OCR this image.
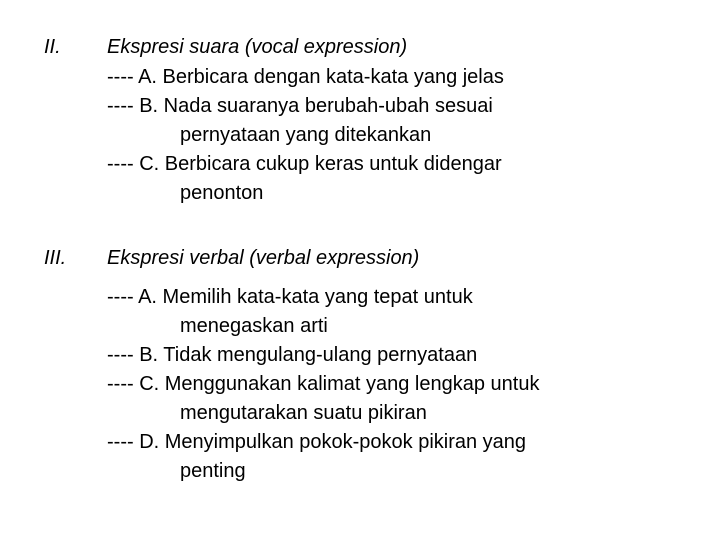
II. Ekspresi suara (vocal expression)
---- A. Berbicara dengan kata-kata yang jelas
---- B. Nada suaranya berubah-ubah sesuai
pernyataan yang ditekankan
---- C. Berbicara cukup keras untuk didengar
penonton
III. Ekspresi verbal (verbal expression)
---- A. Memilih kata-kata yang tepat untuk
menegaskan arti
---- B. Tidak mengulang-ulang pernyataan
---- C. Menggunakan kalimat yang lengkap untuk
mengutarakan suatu pikiran
---- D. Menyimpulkan pokok-pokok pikiran yang
penting
